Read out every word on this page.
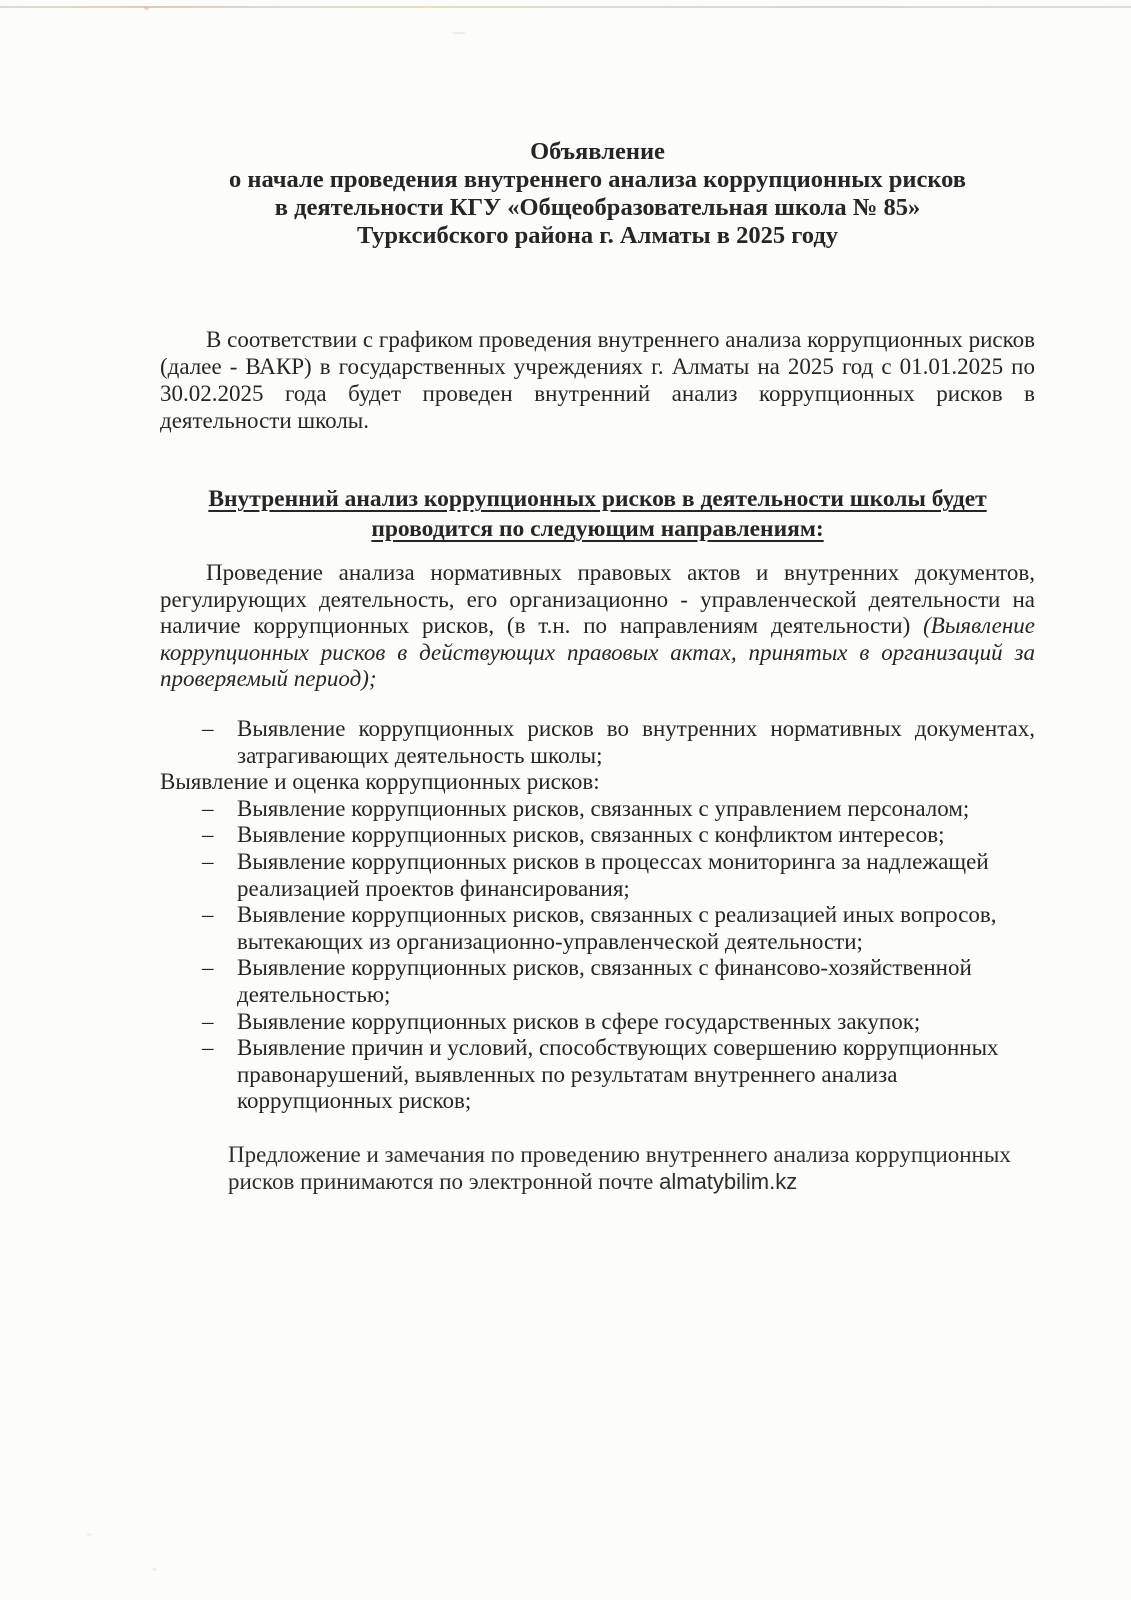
Объявление
о начале проведения внутреннего анализа коррупционных рисков
в деятельности КГУ «Общеобразовательная школа № 85»
Турксибского района г. Алматы в 2025 году

В соответствии с графиком проведения внутреннего анализа коррупционных рисков (далее - ВАКР) в государственных учреждениях г. Алматы на 2025 год с 01.01.2025 по 30.02.2025 года будет проведен внутренний анализ коррупционных рисков в деятельности школы.

Внутренний анализ коррупционных рисков в деятельности школы будет проводится по следующим направлениям:

Проведение анализа нормативных правовых актов и внутренних документов, регулирующих деятельность, его организационно - управленческой деятельности на наличие коррупционных рисков, (в т.н. по направлениям деятельности) (Выявление коррупционных рисков в действующих правовых актах, принятых в организаций за проверяемый период);

–	Выявление коррупционных рисков во внутренних нормативных документах, затрагивающих деятельность школы;
Выявление и оценка коррупционных рисков:
–	Выявление коррупционных рисков, связанных с управлением персоналом;
–	Выявление коррупционных рисков, связанных с конфликтом интересов;
–	Выявление коррупционных рисков в процессах мониторинга за надлежащей реализацией проектов финансирования;
–	Выявление коррупционных рисков, связанных с реализацией иных вопросов, вытекающих из организационно-управленческой деятельности;
–	Выявление коррупционных рисков, связанных с финансово-хозяйственной деятельностью;
–	Выявление коррупционных рисков в сфере государственных закупок;
–	Выявление причин и условий, способствующих совершению коррупционных правонарушений, выявленных по результатам внутреннего анализа коррупционных рисков;

Предложение и замечания по проведению внутреннего анализа коррупционных рисков принимаются по электронной почте almatybilim.kz
